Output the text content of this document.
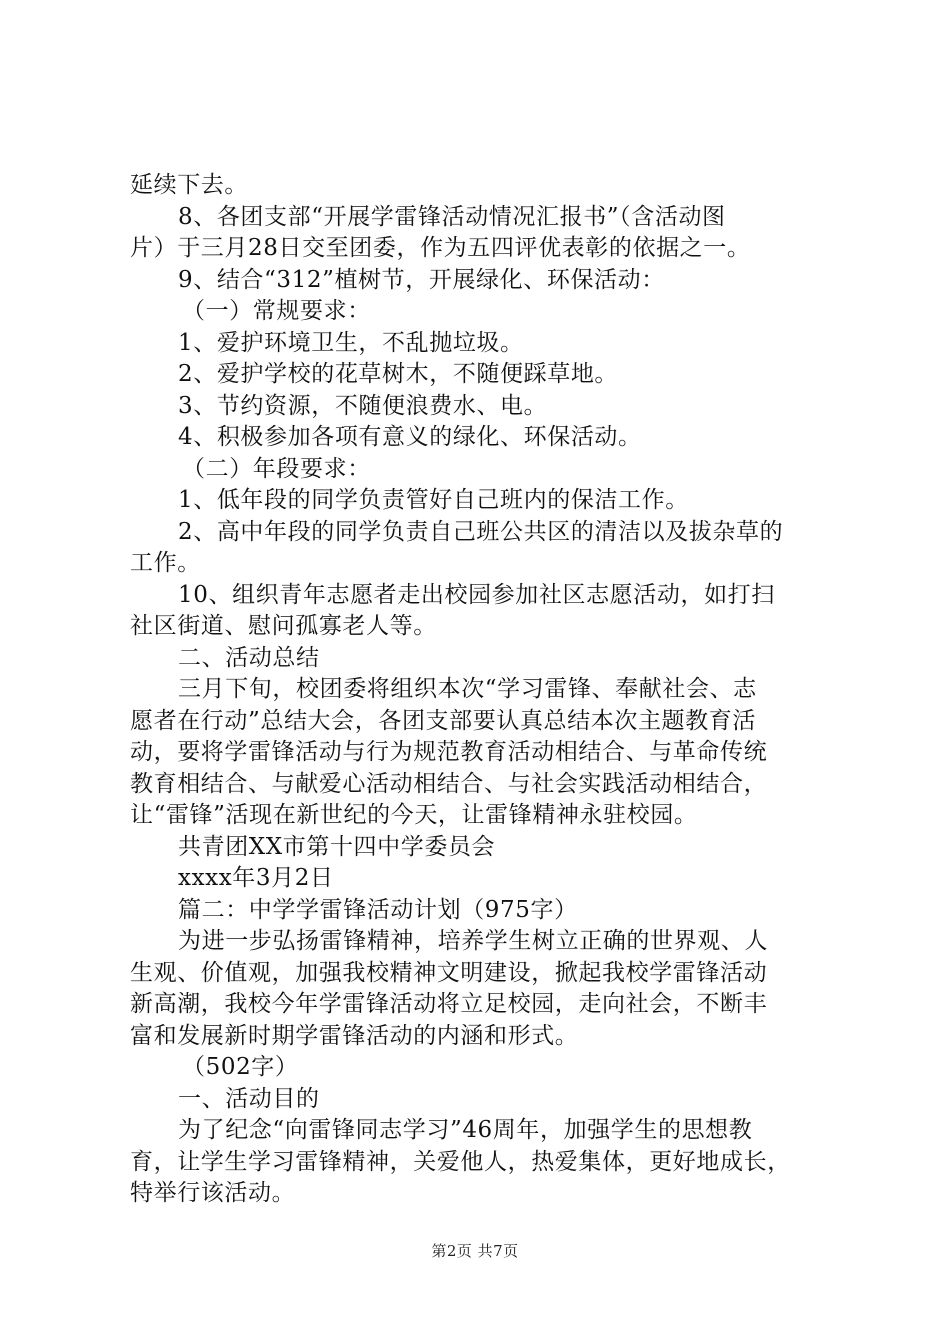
延续下去。
8、各团支部“开展学雷锋活动情况汇报书”（含活动图
片）于三月28日交至团委，作为五四评优表彰的依据之一。
9、结合“312”植树节，开展绿化、环保活动：
（一）常规要求：
1、爱护环境卫生，不乱抛垃圾。
2、爱护学校的花草树木，不随便踩草地。
3、节约资源，不随便浪费水、电。
4、积极参加各项有意义的绿化、环保活动。
（二）年段要求：
1、低年段的同学负责管好自己班内的保洁工作。
2、高中年段的同学负责自己班公共区的清洁以及拔杂草的
工作。
10、组织青年志愿者走出校园参加社区志愿活动，如打扫
社区街道、慰问孤寡老人等。
二、活动总结
三月下旬，校团委将组织本次“学习雷锋、奉献社会、志
愿者在行动”总结大会，各团支部要认真总结本次主题教育活
动，要将学雷锋活动与行为规范教育活动相结合、与革命传统
教育相结合、与献爱心活动相结合、与社会实践活动相结合，
让“雷锋”活现在新世纪的今天，让雷锋精神永驻校园。
共青团XX市第十四中学委员会
xxxx年3月2日
篇二：中学学雷锋活动计划（975字）
为进一步弘扬雷锋精神，培养学生树立正确的世界观、人
生观、价值观，加强我校精神文明建设，掀起我校学雷锋活动
新高潮，我校今年学雷锋活动将立足校园，走向社会，不断丰
富和发展新时期学雷锋活动的内涵和形式。
（502字）
一、活动目的
为了纪念“向雷锋同志学习”46周年，加强学生的思想教
育，让学生学习雷锋精神，关爱他人，热爱集体，更好地成长，
特举行该活动。

第2页 共7页
